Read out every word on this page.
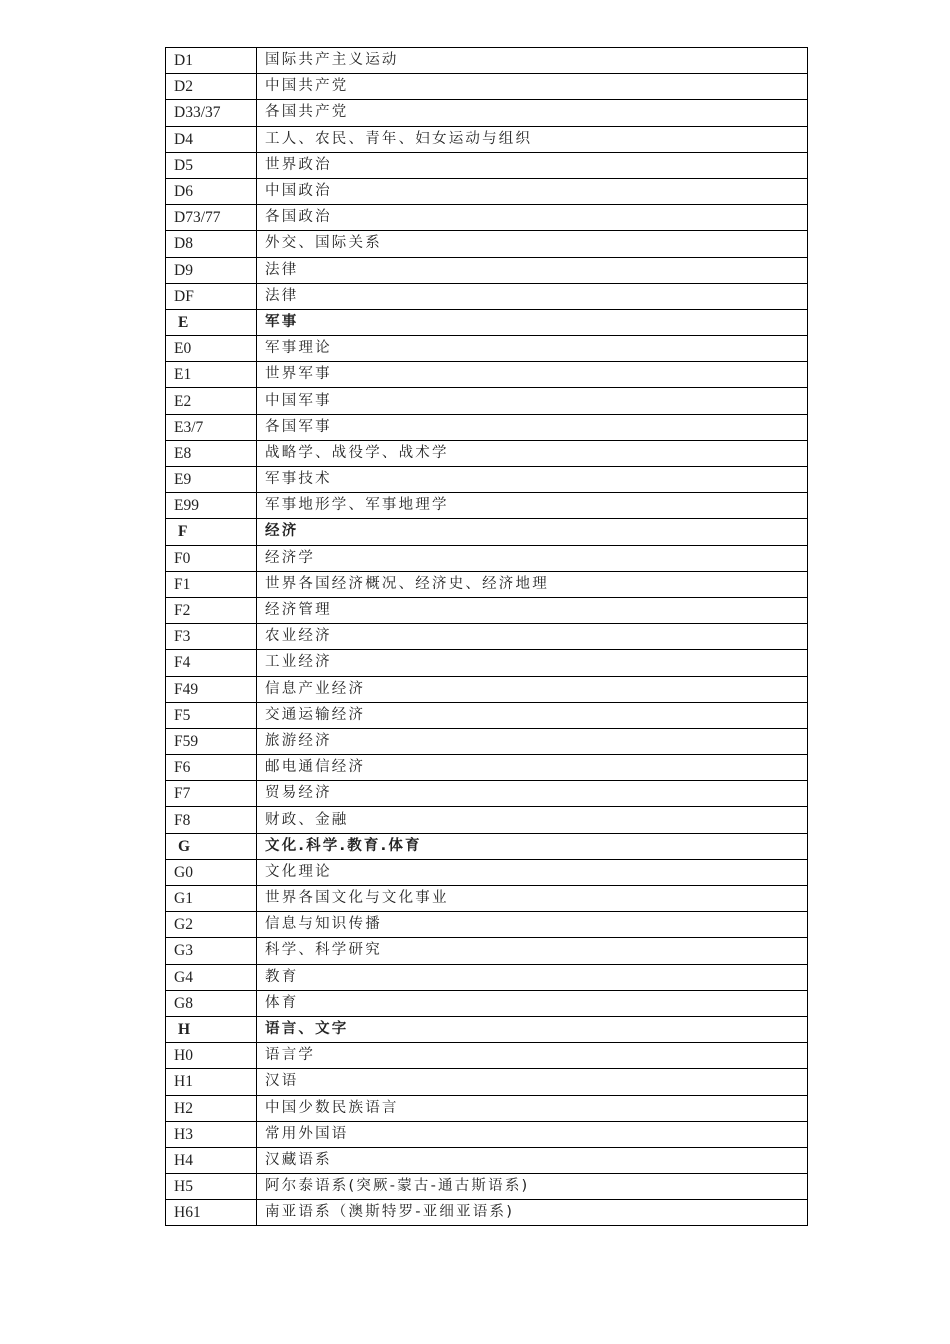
D1	国际共产主义运动
D2	中国共产党
D33/37	各国共产党
D4	工人、农民、青年、妇女运动与组织
D5	世界政治
D6	中国政治
D73/77	各国政治
D8	外交、国际关系
D9	法律
DF	法律
E	军事
E0	军事理论
E1	世界军事
E2	中国军事
E3/7	各国军事
E8	战略学、战役学、战术学
E9	军事技术
E99	军事地形学、军事地理学
F	经济
F0	经济学
F1	世界各国经济概况、经济史、经济地理
F2	经济管理
F3	农业经济
F4	工业经济
F49	信息产业经济
F5	交通运输经济
F59	旅游经济
F6	邮电通信经济
F7	贸易经济
F8	财政、金融
G	文化.科学.教育.体育
G0	文化理论
G1	世界各国文化与文化事业
G2	信息与知识传播
G3	科学、科学研究
G4	教育
G8	体育
H	语言、文字
H0	语言学
H1	汉语
H2	中国少数民族语言
H3	常用外国语
H4	汉藏语系
H5	阿尔泰语系(突厥-蒙古-通古斯语系)
H61	南亚语系（澳斯特罗-亚细亚语系)
